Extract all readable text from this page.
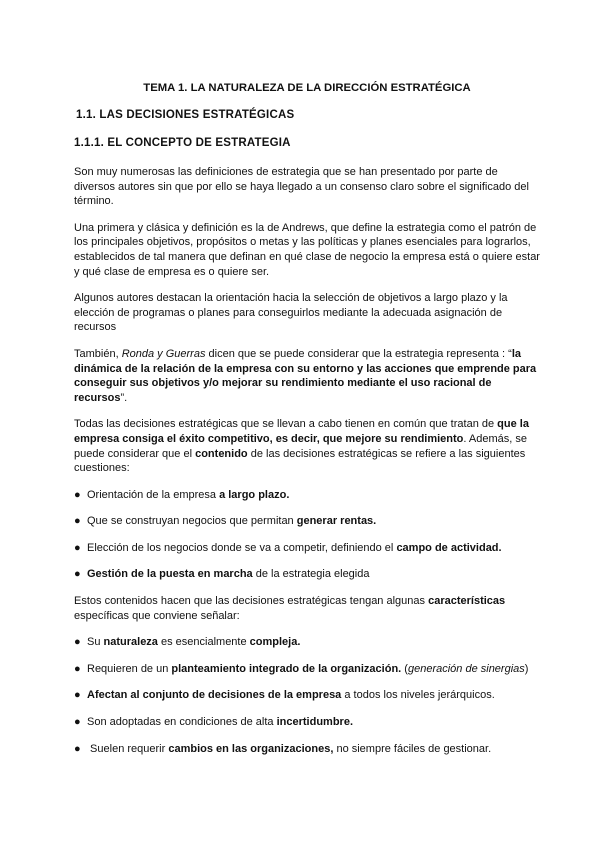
TEMA 1. LA NATURALEZA DE LA DIRECCIÓN ESTRATÉGICA
1.1. LAS DECISIONES ESTRATÉGICAS
1.1.1. EL CONCEPTO DE ESTRATEGIA

Son muy numerosas las definiciones de estrategia que se han presentado por parte de diversos autores sin que por ello se haya llegado a un consenso claro sobre el significado del término.

Una primera y clásica y definición es la de Andrews, que define la estrategia como el patrón de los principales objetivos, propósitos o metas y las políticas y planes esenciales para lograrlos, establecidos de tal manera que definan en qué clase de negocio la empresa está o quiere estar y qué clase de empresa es o quiere ser.

Algunos autores destacan la orientación hacia la selección de objetivos a largo plazo y la elección de programas o planes para conseguirlos mediante la adecuada asignación de recursos

También, Ronda y Guerras dicen que se puede considerar que la estrategia representa : “la dinámica de la relación de la empresa con su entorno y las acciones que emprende para conseguir sus objetivos y/o mejorar su rendimiento mediante el uso racional de recursos”.

Todas las decisiones estratégicas que se llevan a cabo tienen en común que tratan de que la empresa consiga el éxito competitivo, es decir, que mejore su rendimiento. Además, se puede considerar que el contenido de las decisiones estratégicas se refiere a las siguientes cuestiones:

● Orientación de la empresa a largo plazo.

● Que se construyan negocios que permitan generar rentas.

● Elección de los negocios donde se va a competir, definiendo el campo de actividad.

● Gestión de la puesta en marcha de la estrategia elegida

Estos contenidos hacen que las decisiones estratégicas tengan algunas características específicas que conviene señalar:

● Su naturaleza es esencialmente compleja.

● Requieren de un planteamiento integrado de la organización. (generación de sinergias)

● Afectan al conjunto de decisiones de la empresa a todos los niveles jerárquicos.

● Son adoptadas en condiciones de alta incertidumbre.

● Suelen requerir cambios en las organizaciones, no siempre fáciles de gestionar.
